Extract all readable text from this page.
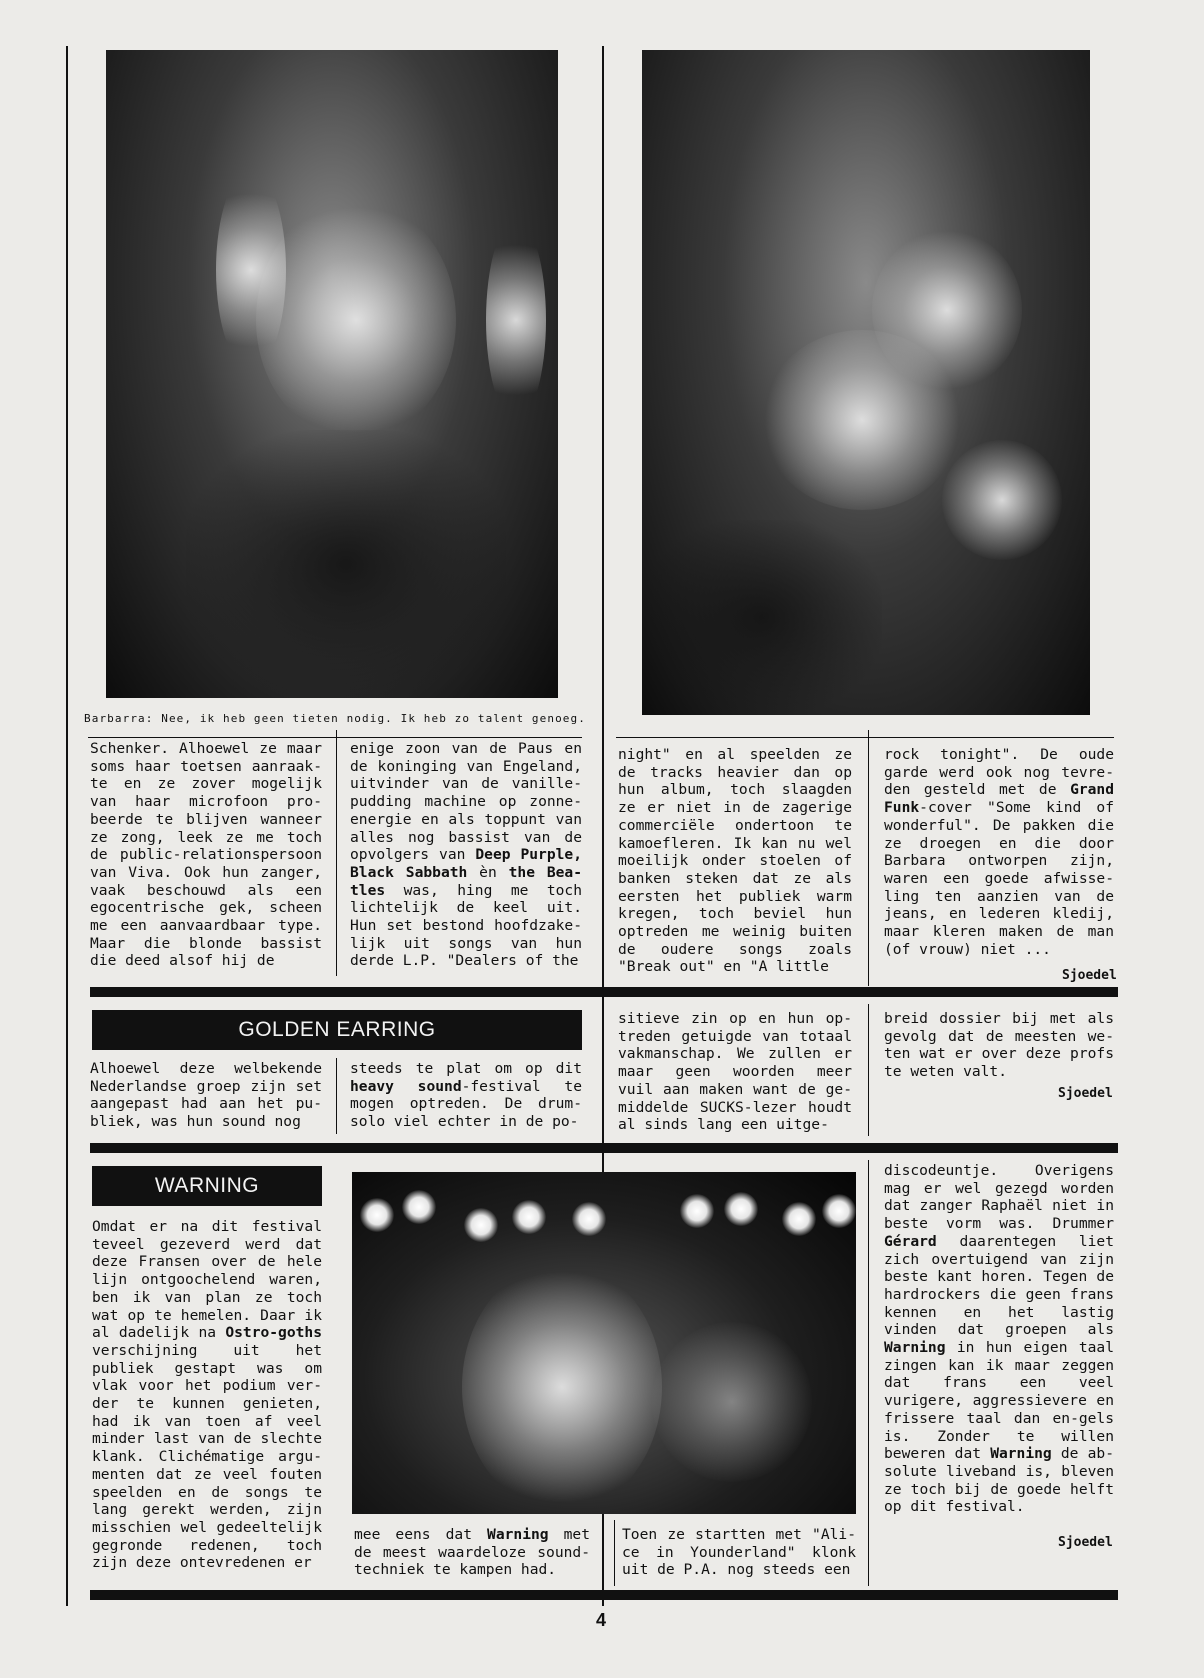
Barbarra: Nee, ik heb geen tieten nodig. Ik heb zo talent genoeg.

Schenker. Alhoewel ze maar soms haar toetsen aanraak-te en ze zover mogelijk van haar microfoon pro-beerde te blijven wanneer ze zong, leek ze me toch de public-relationspersoon van Viva. Ook hun zanger, vaak beschouwd als een egocentrische gek, scheen me een aanvaardbaar type. Maar die blonde bassist die deed alsof hij de

enige zoon van de Paus en de koninging van Engeland, uitvinder van de vanille-pudding machine op zonne-energie en als toppunt van alles nog bassist van de opvolgers van Deep Purple, Black Sabbath èn the Bea-tles was, hing me toch lichtelijk de keel uit. Hun set bestond hoofdzake-lijk uit songs van hun derde L.P. "Dealers of the

night" en al speelden ze de tracks heavier dan op hun album, toch slaagden ze er niet in de zagerige commerciële ondertoon te kamoefleren. Ik kan nu wel moeilijk onder stoelen of banken steken dat ze als eersten het publiek warm kregen, toch beviel hun optreden me weinig buiten de oudere songs zoals "Break out" en "A little

rock tonight". De oude garde werd ook nog tevre-den gesteld met de Grand Funk-cover "Some kind of wonderful". De pakken die ze droegen en die door Barbara ontworpen zijn, waren een goede afwisse-ling ten aanzien van de jeans, en lederen kledij, maar kleren maken de man (of vrouw) niet ...

Sjoedel
GOLDEN EARRING

Alhoewel deze welbekende Nederlandse groep zijn set aangepast had aan het pu-bliek, was hun sound nog

steeds te plat om op dit heavy sound-festival te mogen optreden. De drum-solo viel echter in de po-

sitieve zin op en hun op-treden getuigde van totaal vakmanschap. We zullen er maar geen woorden meer vuil aan maken want de ge-middelde SUCKS-lezer houdt al sinds lang een uitgе-

breid dossier bij met als gevolg dat de meesten we-ten wat er over deze profs te weten valt.

Sjoedel
WARNING

Omdat er na dit festival teveel gezeverd werd dat deze Fransen over de hele lijn ontgoochelend waren, ben ik van plan ze toch wat op te hemelen. Daar ik al dadelijk na Ostro-goths verschijning uit het publiek gestapt was om vlak voor het podium ver-der te kunnen genieten, had ik van toen af veel minder last van de slechte klank. Clichématige argu-menten dat ze veel fouten speelden en de songs te lang gerekt werden, zijn misschien wel gedeeltelijk gegronde redenen, toch zijn deze ontevredenen er

mee eens dat Warning met de meest waardeloze sound-techniek te kampen had.

Toen ze startten met "Ali-ce in Younderland" klonk uit de P.A. nog steeds een

discodeuntje. Overigens mag er wel gezegd worden dat zanger Raphaël niet in beste vorm was. Drummer Gérard daarentegen liet zich overtuigend van zijn beste kant horen. Tegen de hardrockers die geen frans kennen en het lastig vinden dat groepen als Warning in hun eigen taal zingen kan ik maar zeggen dat frans een veel vurigere, aggressievere en frissere taal dan en-gels is. Zonder te willen beweren dat Warning de ab-solute liveband is, bleven ze toch bij de goede helft op dit festival.

Sjoedel
4
